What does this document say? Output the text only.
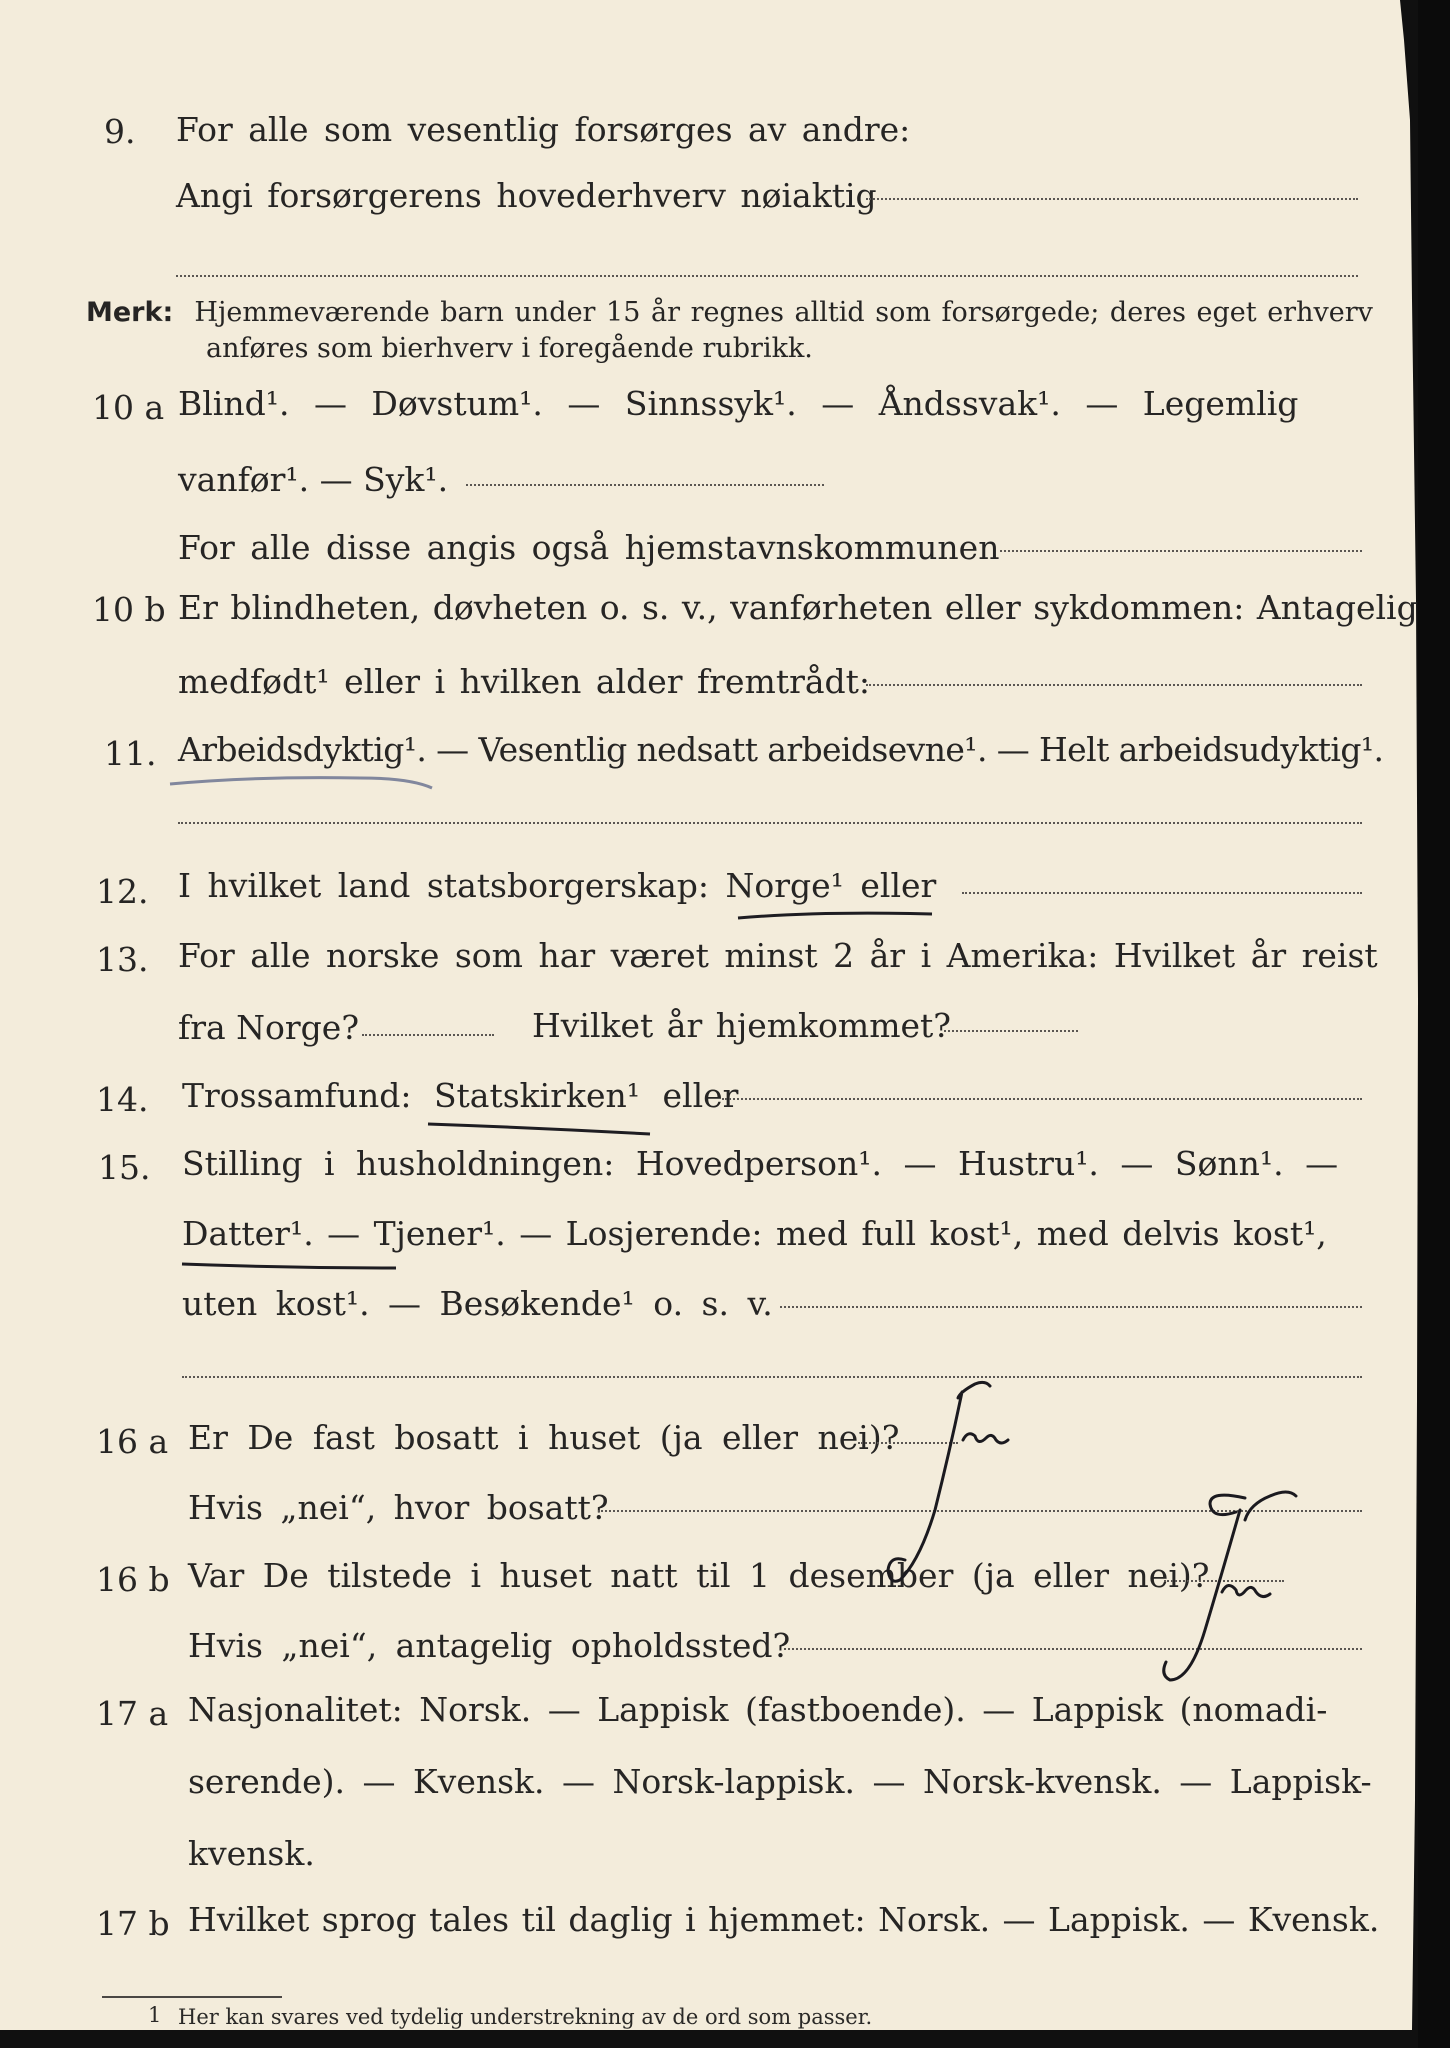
9. For alle som vesentlig forsørges av andre:
Angi forsørgerens hovederhverv nøiaktig
Merk: Hjemmeværende barn under 15 år regnes alltid som forsørgede; deres eget erhverv
anføres som bierhverv i foregående rubrikk.
10 a Blind¹. — Døvstum¹. — Sinnssyk¹. — Åndssvak¹. — Legemlig
vanfør¹. — Syk¹.
For alle disse angis også hjemstavnskommunen
10 b Er blindheten, døvheten o. s. v., vanførheten eller sykdommen: Antagelig
medfødt¹ eller i hvilken alder fremtrådt:
11. Arbeidsdyktig¹. — Vesentlig nedsatt arbeidsevne¹. — Helt arbeidsudyktig¹.
12. I hvilket land statsborgerskap: Norge¹ eller
13. For alle norske som har været minst 2 år i Amerika: Hvilket år reist
fra Norge?	Hvilket år hjemkommet?
14. Trossamfund: Statskirken¹ eller
15. Stilling i husholdningen: Hovedperson¹. — Hustru¹. — Sønn¹. —
Datter¹. — Tjener¹. — Losjerende: med full kost¹, med delvis kost¹,
uten kost¹. — Besøkende¹ o. s. v.
16 a Er De fast bosatt i huset (ja eller nei)?
Hvis „nei“, hvor bosatt?
16 b Var De tilstede i huset natt til 1 desember (ja eller nei)?
Hvis „nei“, antagelig opholdssted?
17 a Nasjonalitet: Norsk. — Lappisk (fastboende). — Lappisk (nomadi-
serende). — Kvensk. — Norsk-lappisk. — Norsk-kvensk. — Lappisk-
kvensk.
17 b Hvilket sprog tales til daglig i hjemmet: Norsk. — Lappisk. — Kvensk.
1 Her kan svares ved tydelig understrekning av de ord som passer.
